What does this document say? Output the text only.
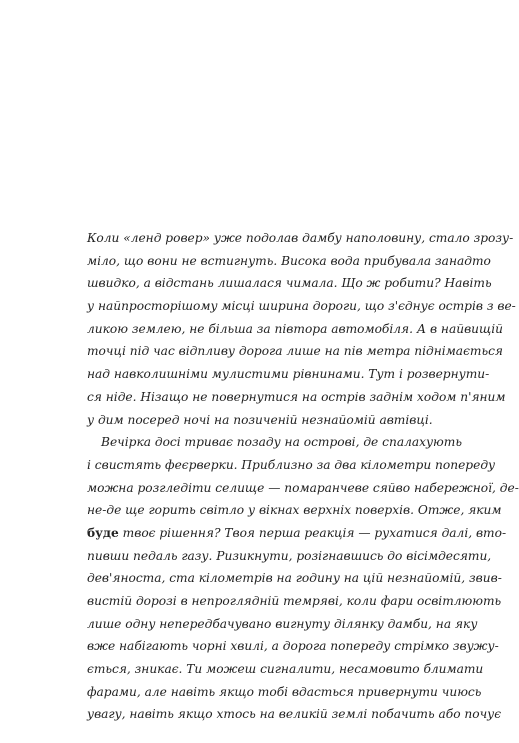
Коли «ленд ровер» уже подолав дамбу наполовину, стало зрозу-
міло, що вони не встигнуть. Висока вода прибувала занадто
швидко, а відстань лишалася чималa. Що ж робити? Навіть
у найпросторішому місці ширина дороги, що з'єднує острів з ве-
ликою землею, не більша за півтора автомобіля. А в найвищій
точці під час відпливу дорога лише на пів метра піднімається
над навколишніми мулистими рівнинами. Тут і розвернути-
ся ніде. Нізащо не повернутися на острів заднім ходом п'яним
у дим посеред ночі на позиченій незнайомій автівці.
Вечірка досі триває позаду на острові, де спалахують
і свистять феєрверки. Приблизно за два кілометри попереду
можна розгледіти селище — помаранчеве сяйво набережної, де-
не-де ще горить світло у вікнах верхніх поверхів. Отже, яким
буде твоє рішення? Твоя перша реакція — рухатися далі, вто-
пивши педаль газу. Ризикнути, розігнавшись до вісімдесяти,
дев'яноста, ста кілометрів на годину на цій незнайомій, звив-
вистій дорозі в непроглядній темряві, коли фари освітлюють
лише одну непередбачувано вигнуту ділянку дамби, на яку
вже набігають чорні хвилі, а дорога попереду стрімко звужу-
ється, зникає. Ти можеш сигналити, несамовито блимати
фарами, але навіть якщо тобі вдасться привернути чиюсь
увагу, навіть якщо хтось на великій землі побачить або почує
